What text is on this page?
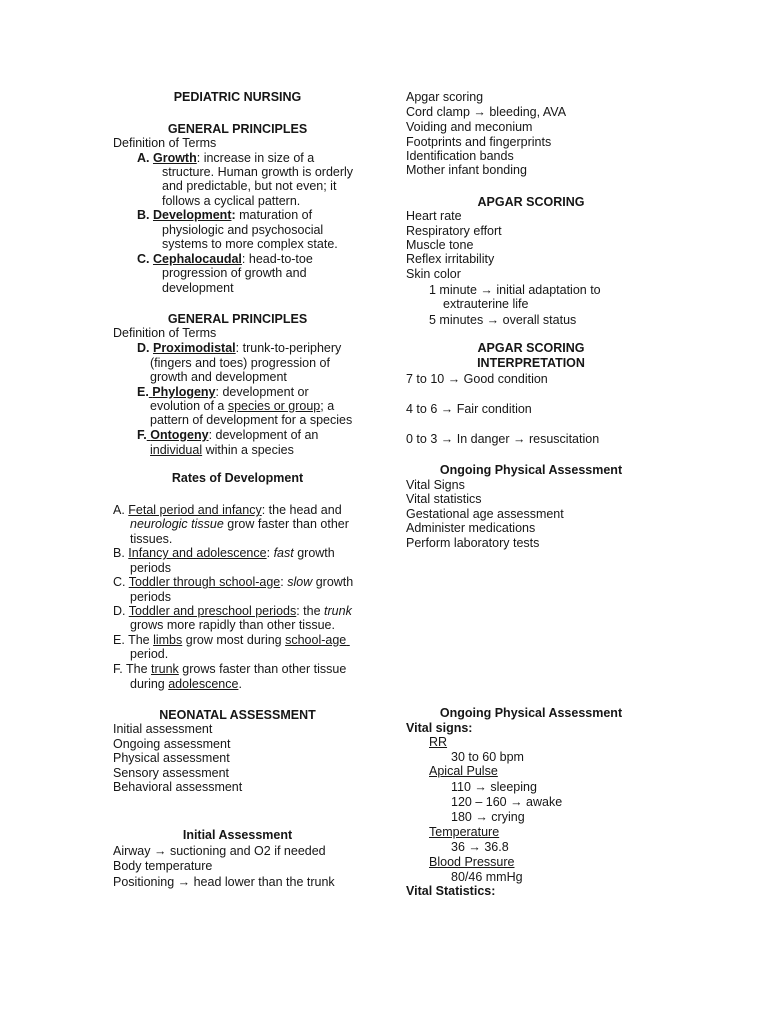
PEDIATRIC NURSING
GENERAL PRINCIPLES
Definition of Terms
A. Growth: increase in size of a
structure. Human growth is orderly
and predictable, but not even; it
follows a cyclical pattern.
B. Development: maturation of
physiologic and psychosocial
systems to more complex state.
C. Cephalocaudal: head-to-toe
progression of growth and
development
GENERAL PRINCIPLES
Definition of Terms
D. Proximodistal: trunk-to-periphery
(fingers and toes) progression of
growth and development
E. Phylogeny: development or
evolution of a species or group; a
pattern of development for a species
F. Ontogeny: development of an
individual within a species
Rates of Development
A. Fetal period and infancy: the head and
neurologic tissue grow faster than other
tissues.
B. Infancy and adolescence: fast growth
periods
C. Toddler through school-age: slow growth
periods
D. Toddler and preschool periods: the trunk
grows more rapidly than other tissue.
E. The limbs grow most during school-age
period.
F. The trunk grows faster than other tissue
during adolescence.
NEONATAL ASSESSMENT
Initial assessment
Ongoing assessment
Physical assessment
Sensory assessment
Behavioral assessment
Initial Assessment
Airway → suctioning and O2 if needed
Body temperature
Positioning → head lower than the trunk
Apgar scoring
Cord clamp → bleeding, AVA
Voiding and meconium
Footprints and fingerprints
Identification bands
Mother infant bonding
APGAR SCORING
Heart rate
Respiratory effort
Muscle tone
Reflex irritability
Skin color
1 minute → initial adaptation to
extrauterine life
5 minutes → overall status
APGAR SCORING
INTERPRETATION
7 to 10 → Good condition
4 to 6 → Fair condition
0 to 3 → In danger → resuscitation
Ongoing Physical Assessment
Vital Signs
Vital statistics
Gestational age assessment
Administer medications
Perform laboratory tests
Ongoing Physical Assessment
Vital signs:
RR
30 to 60 bpm
Apical Pulse
110 → sleeping
120 – 160 → awake
180 → crying
Temperature
36 → 36.8
Blood Pressure
80/46 mmHg
Vital Statistics:
